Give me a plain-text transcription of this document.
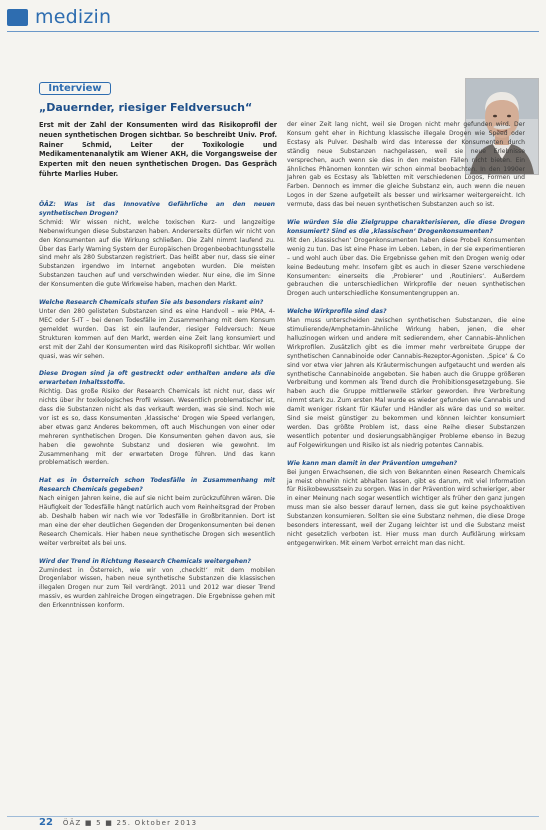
medizin
Interview
„Dauernder, riesiger Feldversuch“
Erst mit der Zahl der Konsumenten wird das Risikoprofil der neuen synthetischen Drogen sichtbar. So beschreibt Univ. Prof. Rainer Schmid, Leiter der Toxikologie und Medikamentenanalytik am Wiener AKH, die Vorgangsweise der Experten mit den neuen synthetischen Drogen. Das Gespräch führte Marlies Huber.

ÖÄZ: Was ist das Innovative Gefährliche an den neuen synthetischen Drogen?

Schmid: Wir wissen nicht, welche toxischen Kurz- und langzeitige Nebenwirkungen diese Substanzen haben. Andererseits dürfen wir nicht von den Konsumenten auf die Wirkung schließen. Die Zahl nimmt laufend zu. Über das Early Warning System der Europäischen Drogenbeobachtungsstelle sind mehr als 280 Substanzen registriert. Das heißt aber nur, dass sie einer Substanzen irgendwo im Internet angeboten wurden. Die meisten Substanzen tauchen auf und verschwinden wieder. Nur eine, die im Sinne der Konsumenten die gute Wirkweise haben, machen den Markt.

Welche Research Chemicals stufen Sie als besonders riskant ein?

Unter den 280 gelisteten Substanzen sind es eine Handvoll – wie PMA, 4-MEC oder 5-IT – bei denen Todesfälle im Zusammenhang mit dem Konsum gemeldet wurden. Das ist ein laufender, riesiger Feldversuch: Neue Strukturen kommen auf den Markt, werden eine Zeit lang konsumiert und erst mit der Zahl der Konsumenten wird das Risikoprofil sichtbar. Wir wollen quasi, was wir sehen.

Diese Drogen sind ja oft gestreckt oder enthalten andere als die erwarteten Inhaltsstoffe.

Richtig. Das große Risiko der Research Chemicals ist nicht nur, dass wir nichts über ihr toxikologisches Profil wissen. Wesentlich problematischer ist, dass die Substanzen nicht als das verkauft werden, was sie sind. Noch wie vor ist es so, dass Konsumenten ‚klassische‘ Drogen wie Speed verlangen, aber etwas ganz Anderes bekommen, oft auch Mischungen von einer oder mehreren synthetischen Drogen. Die Konsumenten gehen davon aus, sie haben die gewohnte Substanz und dosieren wie gewohnt. Im Zusammenhang mit der erwarteten Droge führen. Und das kann problematisch werden.

Hat es in Österreich schon Todesfälle in Zusammenhang mit Research Chemicals gegeben?

Nach einigen Jahren keine, die auf sie nicht beim zurückzuführen wären. Die Häufigkeit der Todesfälle hängt natürlich auch vom Reinheitsgrad der Proben ab. Deshalb haben wir nach wie vor Todesfälle in Großbritannien. Dort ist man eine der eher deutlichen Gegenden der Drogenkonsumenten bei denen Research Chemicals. Hier haben neue synthetische Drogen sich wesentlich weiter verbreitet als bei uns.

Wird der Trend in Richtung Research Chemicals weitergehen?

Zumindest in Österreich, wie wir von ‚checkit!‘ mit dem mobilen Drogenlabor wissen, haben neue synthetische Substanzen die klassischen illegalen Drogen nur zum Teil verdrängt. 2011 und 2012 war dieser Trend massiv, es wurden zahlreiche Drogen eingetragen. Die Ergebnisse gehen mit den Erkenntnissen konform.

der einer Zeit lang nicht, weil sie Drogen nicht mehr gefunden wird. Der Konsum geht eher in Richtung klassische illegale Drogen wie Speed oder Ecstasy als Pulver. Deshalb wird das Interesse der Konsumenten durch ständig neue Substanzen nachgelassen, weil sie neue Erlebnisse versprechen, auch wenn sie dies in den meisten Fällen nicht bieten. Ein ähnliches Phänomen konnten wir schon einmal beobachten. In den 1990er Jahren gab es Ecstasy als Tabletten mit verschiedenen Logos, Formen und Farben. Dennoch es immer die gleiche Substanz ein, auch wenn die neuen Logos in der Szene aufgeteilt als besser und wirksamer weitergereicht. Ich vermute, dass das bei neuen synthetischen Substanzen auch so ist.

Wie würden Sie die Zielgruppe charakterisieren, die diese Drogen konsumiert? Sind es die ‚klassischen‘ Drogenkonsumenten?

Mit den ‚klassischen‘ Drogenkonsumenten haben diese Probeli Konsumenten wenig zu tun. Das ist eine Phase im Leben. Leben, in der sie experimentieren – und wohl auch über das. Die Ergebnisse gehen mit den Drogen wenig oder keine Bedeutung mehr. Insofern gibt es auch in dieser Szene verschiedene Konsumenten: einerseits die ‚Probierer‘ und ‚Routiniers‘. Außerdem gebrauchen die unterschiedlichen Wirkprofile der neuen synthetischen Drogen auch unterschiedliche Konsumentengruppen an.

Welche Wirkprofile sind das?

Man muss unterscheiden zwischen synthetischen Substanzen, die eine stimulierende/Amphetamin-ähnliche Wirkung haben, jenen, die eher halluzinogen wirken und andere mit sedierendem, eher Cannabis-ähnlichen Wirkprofilen. Zusätzlich gibt es die immer mehr verbreitete Gruppe der synthetischen Cannabinoide oder Cannabis-Rezeptor-Agonisten. ‚Spice‘ & Co sind vor etwa vier Jahren als Kräutermischungen aufgetaucht und werden als synthetische Cannabinoide angeboten. Sie haben auch die Gruppe größeren Verbreitung und kommen als Trend durch die Prohibitionsgesetzgebung. Sie haben auch die Gruppe mittlerweile stärker geworden. Ihre Verbreitung nimmt stark zu. Zum ersten Mal wurde es wieder gefunden wie Cannabis und damit weniger riskant für Käufer und Händler als wäre das und so weiter. Sind sie meist günstiger zu bekommen und können leichter konsumiert werden. Das größte Problem ist, dass eine Reihe dieser Substanzen wesentlich potenter und dosierungsabhängiger Probleme ebenso in Bezug auf Folgewirkungen und Risiko ist als niedrig potentes Cannabis.

Wie kann man damit in der Prävention umgehen?

Bei jungen Erwachsenen, die sich von Bekannten einen Research Chemicals ja meist ohnehin nicht abhalten lassen, gibt es darum, mit viel Information für Risikobewusstsein zu sorgen. Was in der Prävention wird schwieriger, aber in einer Meinung nach sogar wesentlich wichtiger als früher den ganz jungen muss man sie also besser darauf lernen, dass sie gut keine psychoaktiven Substanzen konsumieren. Sollten sie eine Substanz nehmen, die diese Droge besonders interessant, weil der Zugang leichter ist und die Substanz meist nicht gesetzlich verboten ist. Hier muss man durch Aufklärung wirksam entgegenwirken. Mit einem Verbot erreicht man das nicht.

22 ÖÄZ ■ 5 ■ 25. Oktober 2013
